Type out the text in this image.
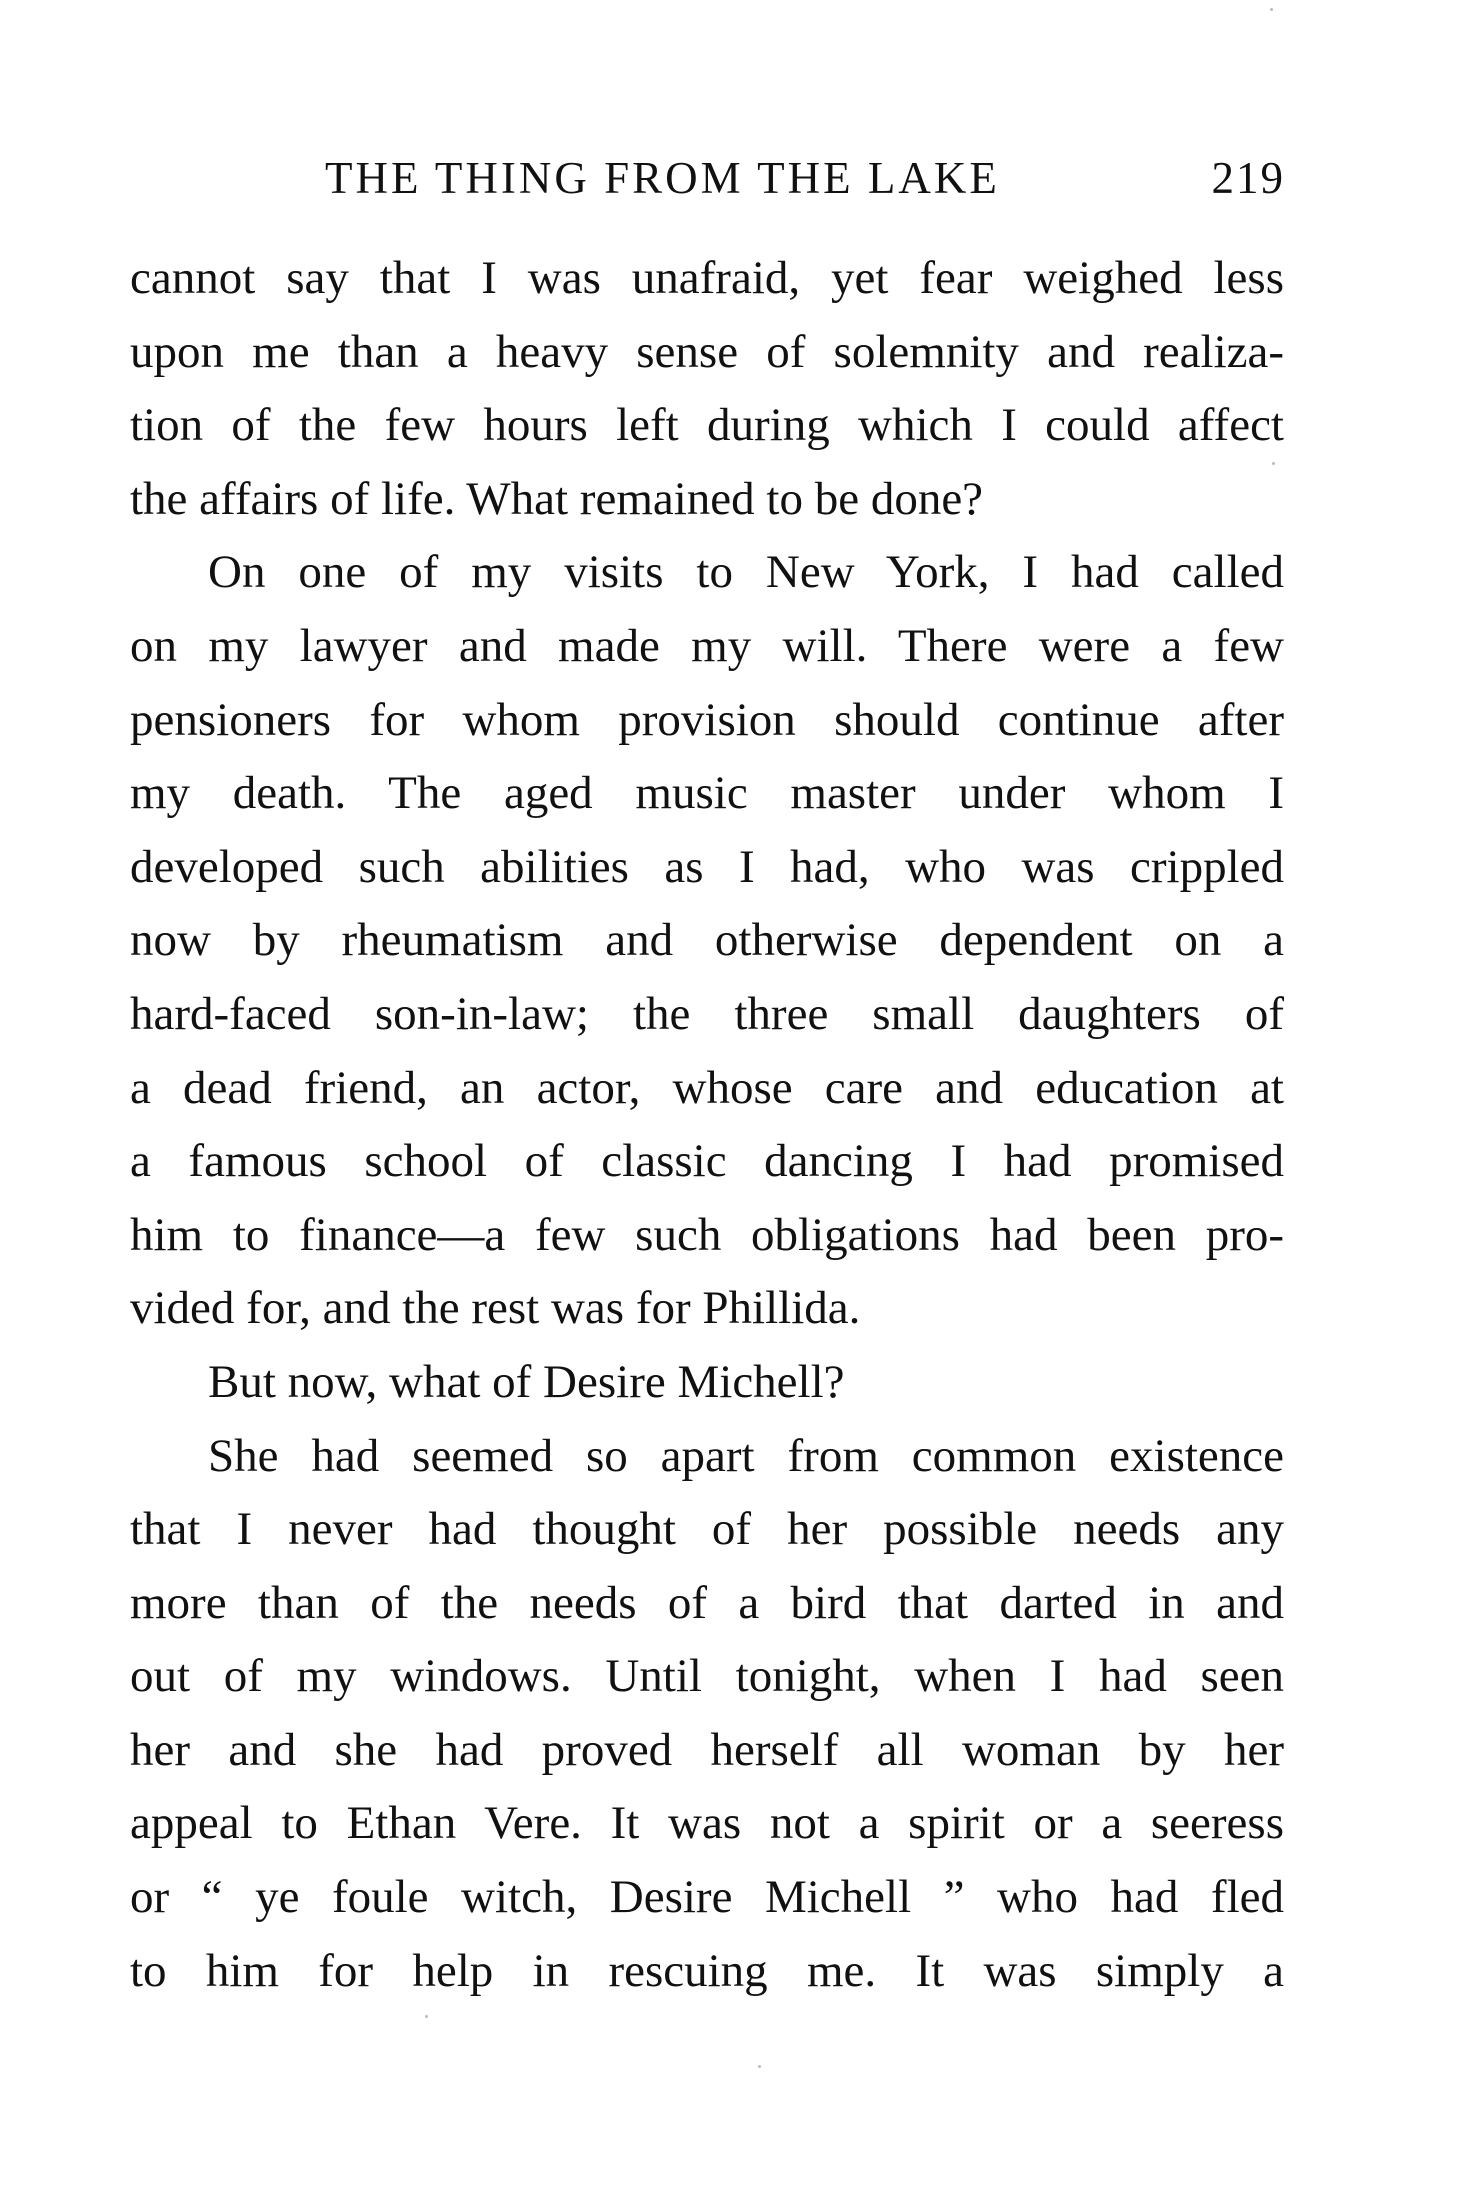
THE THING FROM THE LAKE	219
cannot say that I was unafraid, yet fear weighed less
upon me than a heavy sense of solemnity and realiza-
tion of the few hours left during which I could affect
the affairs of life. What remained to be done?
On one of my visits to New York, I had called
on my lawyer and made my will. There were a few
pensioners for whom provision should continue after
my death. The aged music master under whom I
developed such abilities as I had, who was crippled
now by rheumatism and otherwise dependent on a
hard-faced son-in-law; the three small daughters of
a dead friend, an actor, whose care and education at
a famous school of classic dancing I had promised
him to finance—a few such obligations had been pro-
vided for, and the rest was for Phillida.
But now, what of Desire Michell?
She had seemed so apart from common existence
that I never had thought of her possible needs any
more than of the needs of a bird that darted in and
out of my windows. Until tonight, when I had seen
her and she had proved herself all woman by her
appeal to Ethan Vere. It was not a spirit or a seeress
or “ ye foule witch, Desire Michell ” who had fled
to him for help in rescuing me. It was simply a
